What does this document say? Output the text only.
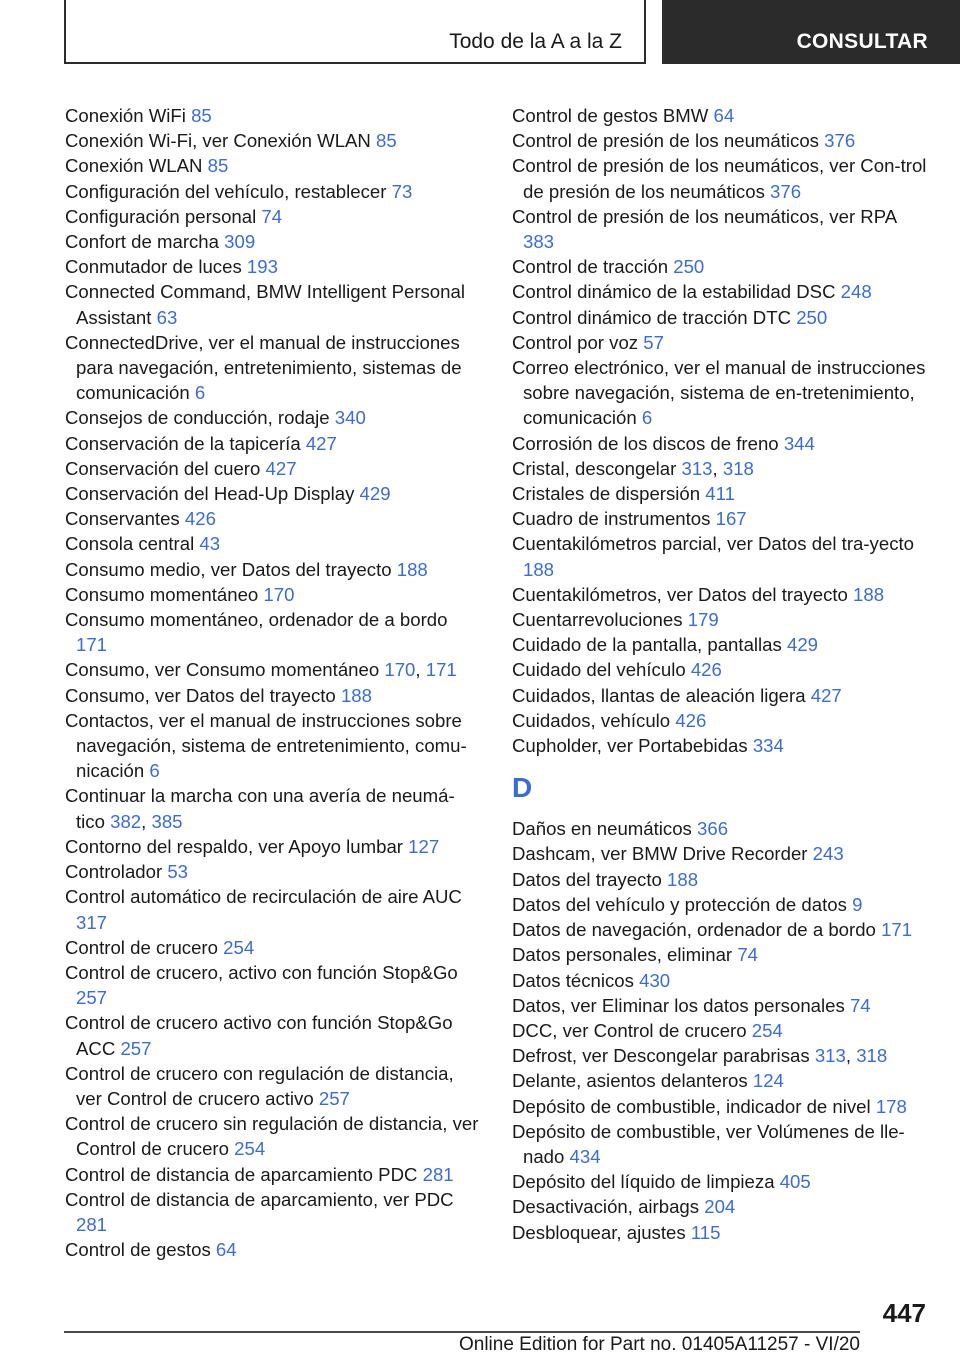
Todo de la A a la Z	CONSULTAR
Conexión WiFi 85
Conexión Wi-Fi, ver Conexión WLAN 85
Conexión WLAN 85
Configuración del vehículo, restablecer 73
Configuración personal 74
Confort de marcha 309
Conmutador de luces 193
Connected Command, BMW Intelligent Personal Assistant 63
ConnectedDrive, ver el manual de instrucciones para navegación, entretenimiento, sistemas de comunicación 6
Consejos de conducción, rodaje 340
Conservación de la tapicería 427
Conservación del cuero 427
Conservación del Head-Up Display 429
Conservantes 426
Consola central 43
Consumo medio, ver Datos del trayecto 188
Consumo momentáneo 170
Consumo momentáneo, ordenador de a bordo 171
Consumo, ver Consumo momentáneo 170, 171
Consumo, ver Datos del trayecto 188
Contactos, ver el manual de instrucciones sobre navegación, sistema de entretenimiento, comu-nicación 6
Continuar la marcha con una avería de neumá-tico 382, 385
Contorno del respaldo, ver Apoyo lumbar 127
Controlador 53
Control automático de recirculación de aire AUC 317
Control de crucero 254
Control de crucero, activo con función Stop&Go 257
Control de crucero activo con función Stop&Go ACC 257
Control de crucero con regulación de distancia, ver Control de crucero activo 257
Control de crucero sin regulación de distancia, ver Control de crucero 254
Control de distancia de aparcamiento PDC 281
Control de distancia de aparcamiento, ver PDC 281
Control de gestos 64
Control de gestos BMW 64
Control de presión de los neumáticos 376
Control de presión de los neumáticos, ver Con-trol de presión de los neumáticos 376
Control de presión de los neumáticos, ver RPA 383
Control de tracción 250
Control dinámico de la estabilidad DSC 248
Control dinámico de tracción DTC 250
Control por voz 57
Correo electrónico, ver el manual de instrucciones sobre navegación, sistema de en-tretenimiento, comunicación 6
Corrosión de los discos de freno 344
Cristal, descongelar 313, 318
Cristales de dispersión 411
Cuadro de instrumentos 167
Cuentakilómetros parcial, ver Datos del tra-yecto 188
Cuentakilómetros, ver Datos del trayecto 188
Cuentarrevoluciones 179
Cuidado de la pantalla, pantallas 429
Cuidado del vehículo 426
Cuidados, llantas de aleación ligera 427
Cuidados, vehículo 426
Cupholder, ver Portabebidas 334
D
Daños en neumáticos 366
Dashcam, ver BMW Drive Recorder 243
Datos del trayecto 188
Datos del vehículo y protección de datos 9
Datos de navegación, ordenador de a bordo 171
Datos personales, eliminar 74
Datos técnicos 430
Datos, ver Eliminar los datos personales 74
DCC, ver Control de crucero 254
Defrost, ver Descongelar parabrisas 313, 318
Delante, asientos delanteros 124
Depósito de combustible, indicador de nivel 178
Depósito de combustible, ver Volúmenes de lle-nado 434
Depósito del líquido de limpieza 405
Desactivación, airbags 204
Desbloquear, ajustes 115
447
Online Edition for Part no. 01405A11257 - VI/20
